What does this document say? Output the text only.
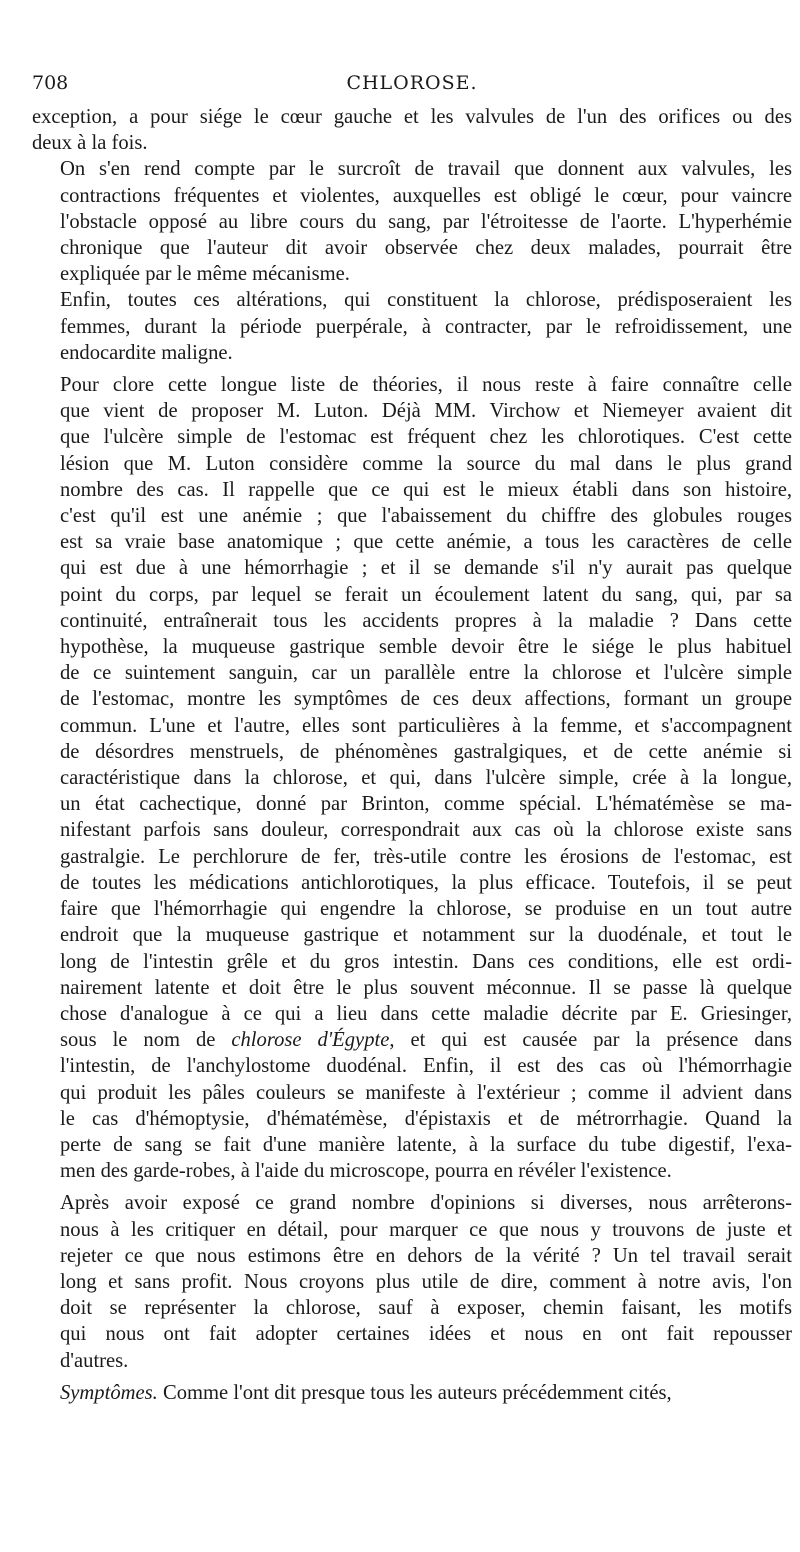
708	CHLOROSE.

exception, a pour siége le cœur gauche et les valvules de l'un des orifices ou des
deux à la fois.

On s'en rend compte par le surcroît de travail que donnent aux valvules, les
contractions fréquentes et violentes, auxquelles est obligé le cœur, pour vaincre
l'obstacle opposé au libre cours du sang, par l'étroitesse de l'aorte. L'hyperhémie
chronique que l'auteur dit avoir observée chez deux malades, pourrait être
expliquée par le même mécanisme.

Enfin, toutes ces altérations, qui constituent la chlorose, prédisposeraient les
femmes, durant la période puerpérale, à contracter, par le refroidissement, une
endocardite maligne.

Pour clore cette longue liste de théories, il nous reste à faire connaître celle
que vient de proposer M. Luton. Déjà MM. Virchow et Niemeyer avaient dit
que l'ulcère simple de l'estomac est fréquent chez les chlorotiques. C'est cette
lésion que M. Luton considère comme la source du mal dans le plus grand
nombre des cas. Il rappelle que ce qui est le mieux établi dans son histoire,
c'est qu'il est une anémie ; que l'abaissement du chiffre des globules rouges
est sa vraie base anatomique ; que cette anémie, a tous les caractères de celle
qui est due à une hémorrhagie ; et il se demande s'il n'y aurait pas quelque
point du corps, par lequel se ferait un écoulement latent du sang, qui, par sa
continuité, entraînerait tous les accidents propres à la maladie ? Dans cette
hypothèse, la muqueuse gastrique semble devoir être le siége le plus habituel
de ce suintement sanguin, car un parallèle entre la chlorose et l'ulcère simple
de l'estomac, montre les symptômes de ces deux affections, formant un groupe
commun. L'une et l'autre, elles sont particulières à la femme, et s'accompagnent
de désordres menstruels, de phénomènes gastralgiques, et de cette anémie si
caractéristique dans la chlorose, et qui, dans l'ulcère simple, crée à la longue,
un état cachectique, donné par Brinton, comme spécial. L'hématémèse se ma-
nifestant parfois sans douleur, correspondrait aux cas où la chlorose existe sans
gastralgie. Le perchlorure de fer, très-utile contre les érosions de l'estomac, est
de toutes les médications antichlorotiques, la plus efficace. Toutefois, il se peut
faire que l'hémorrhagie qui engendre la chlorose, se produise en un tout autre
endroit que la muqueuse gastrique et notamment sur la duodénale, et tout le
long de l'intestin grêle et du gros intestin. Dans ces conditions, elle est ordi-
nairement latente et doit être le plus souvent méconnue. Il se passe là quelque
chose d'analogue à ce qui a lieu dans cette maladie décrite par E. Griesinger,
sous le nom de chlorose d'Égypte, et qui est causée par la présence dans
l'intestin, de l'anchylostome duodénal. Enfin, il est des cas où l'hémorrhagie
qui produit les pâles couleurs se manifeste à l'extérieur ; comme il advient dans
le cas d'hémoptysie, d'hématémèse, d'épistaxis et de métrorrhagie. Quand la
perte de sang se fait d'une manière latente, à la surface du tube digestif, l'exa-
men des garde-robes, à l'aide du microscope, pourra en révéler l'existence.

Après avoir exposé ce grand nombre d'opinions si diverses, nous arrêterons-
nous à les critiquer en détail, pour marquer ce que nous y trouvons de juste et
rejeter ce que nous estimons être en dehors de la vérité ? Un tel travail serait
long et sans profit. Nous croyons plus utile de dire, comment à notre avis, l'on
doit se représenter la chlorose, sauf à exposer, chemin faisant, les motifs
qui nous ont fait adopter certaines idées et nous en ont fait repousser
d'autres.

Symptômes. Comme l'ont dit presque tous les auteurs précédemment cités,
